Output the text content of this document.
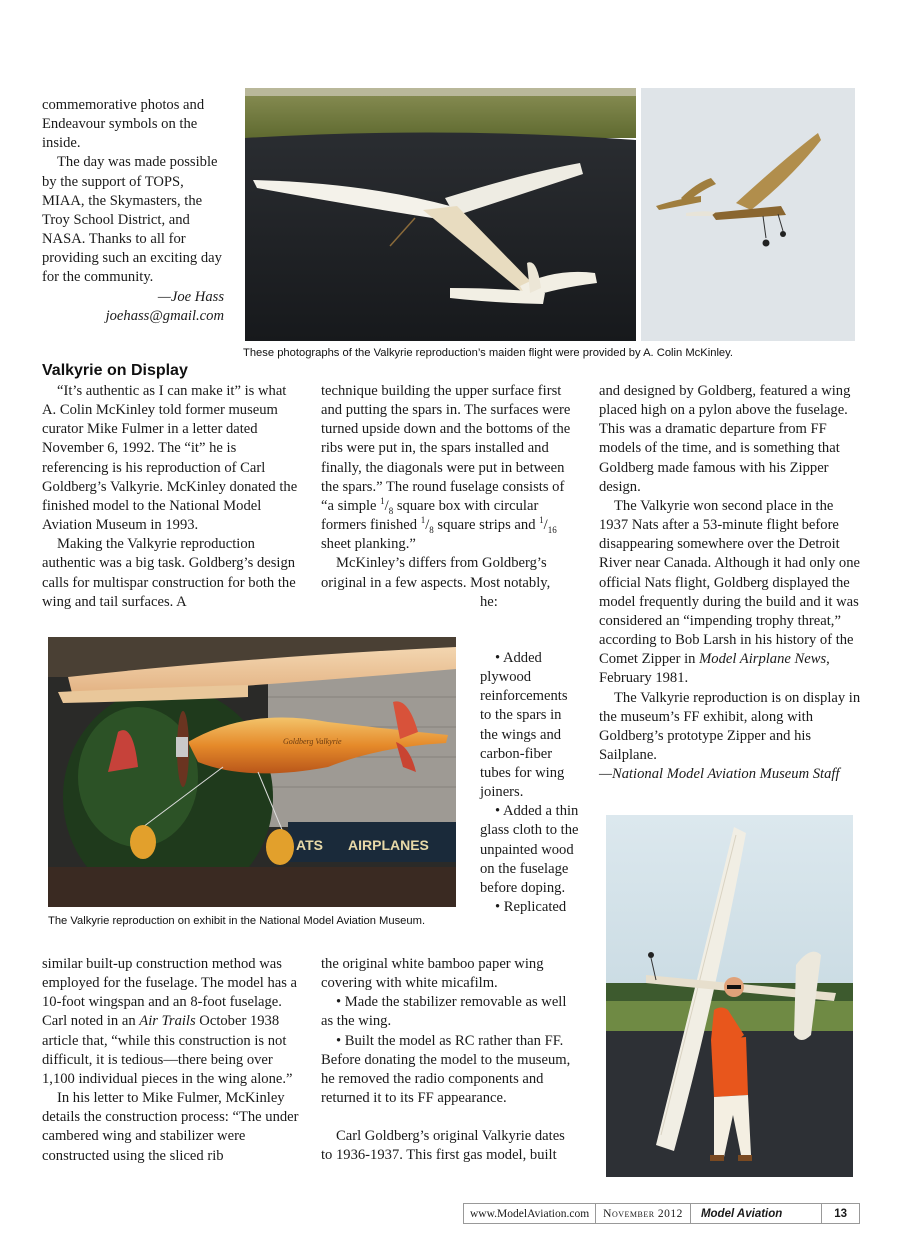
commemorative photos and Endeavour symbols on the inside.

The day was made possible by the support of TOPS, MIAA, the Skymasters, the Troy School District, and NASA. Thanks to all for providing such an exciting day for the community.

—Joe Hass

joehass@gmail.com

These photographs of the Valkyrie reproduction’s maiden flight were provided by A. Colin McKinley.
Valkyrie on Display

“It’s authentic as I can make it” is what A. Colin McKinley told former museum curator Mike Fulmer in a letter dated November 6, 1992. The “it” he is referencing is his reproduction of Carl Goldberg’s Valkyrie. McKinley donated the finished model to the National Model Aviation Museum in 1993.

Making the Valkyrie reproduction authentic was a big task. Goldberg’s design calls for multispar construction for both the wing and tail surfaces. A

technique building the upper surface first and putting the spars in. The surfaces were turned upside down and the bottoms of the ribs were put in, the spars installed and finally, the diagonals were put in between the spars.” The round fuselage consists of “a simple $^1/_8$ square box with circular formers finished $^1/_8$ square strips and $^1/_{16}$ sheet planking.”

McKinley’s differs from Goldberg’s original in a few aspects. Most notably,

he:

• Added plywood reinforcements to the spars in the wings and carbon-fiber tubes for wing joiners.

• Added a thin glass cloth to the unpainted wood on the fuselage before doping.

• Replicated

and designed by Goldberg, featured a wing placed high on a pylon above the fuselage. This was a dramatic departure from FF models of the time, and is something that Goldberg made famous with his Zipper design.

The Valkyrie won second place in the 1937 Nats after a 53-minute flight before disappearing somewhere over the Detroit River near Canada. Although it had only one official Nats flight, Goldberg displayed the model frequently during the build and it was considered an “impending trophy threat,” according to Bob Larsh in his history of the Comet Zipper in Model Airplane News, February 1981.

The Valkyrie reproduction is on display in the museum’s FF exhibit, along with Goldberg’s prototype Zipper and his Sailplane.

—National Model Aviation Museum Staff

AIRPLANES
ATS
Goldberg Valkyrie
The Valkyrie reproduction on exhibit in the National Model Aviation Museum.

similar built-up construction method was employed for the fuselage. The model has a 10-foot wingspan and an 8-foot fuselage. Carl noted in an Air Trails October 1938 article that, “while this construction is not difficult, it is tedious—there being over 1,100 individual pieces in the wing alone.”

In his letter to Mike Fulmer, McKinley details the construction process: “The under cambered wing and stabilizer were constructed using the sliced rib

the original white bamboo paper wing covering with white micafilm.

• Made the stabilizer removable as well as the wing.

• Built the model as RC rather than FF. Before donating the model to the museum, he removed the radio components and returned it to its FF appearance.

Carl Goldberg’s original Valkyrie dates to 1936-1937. This first gas model, built

www.ModelAviation.com	November 2012	Model Aviation	13
